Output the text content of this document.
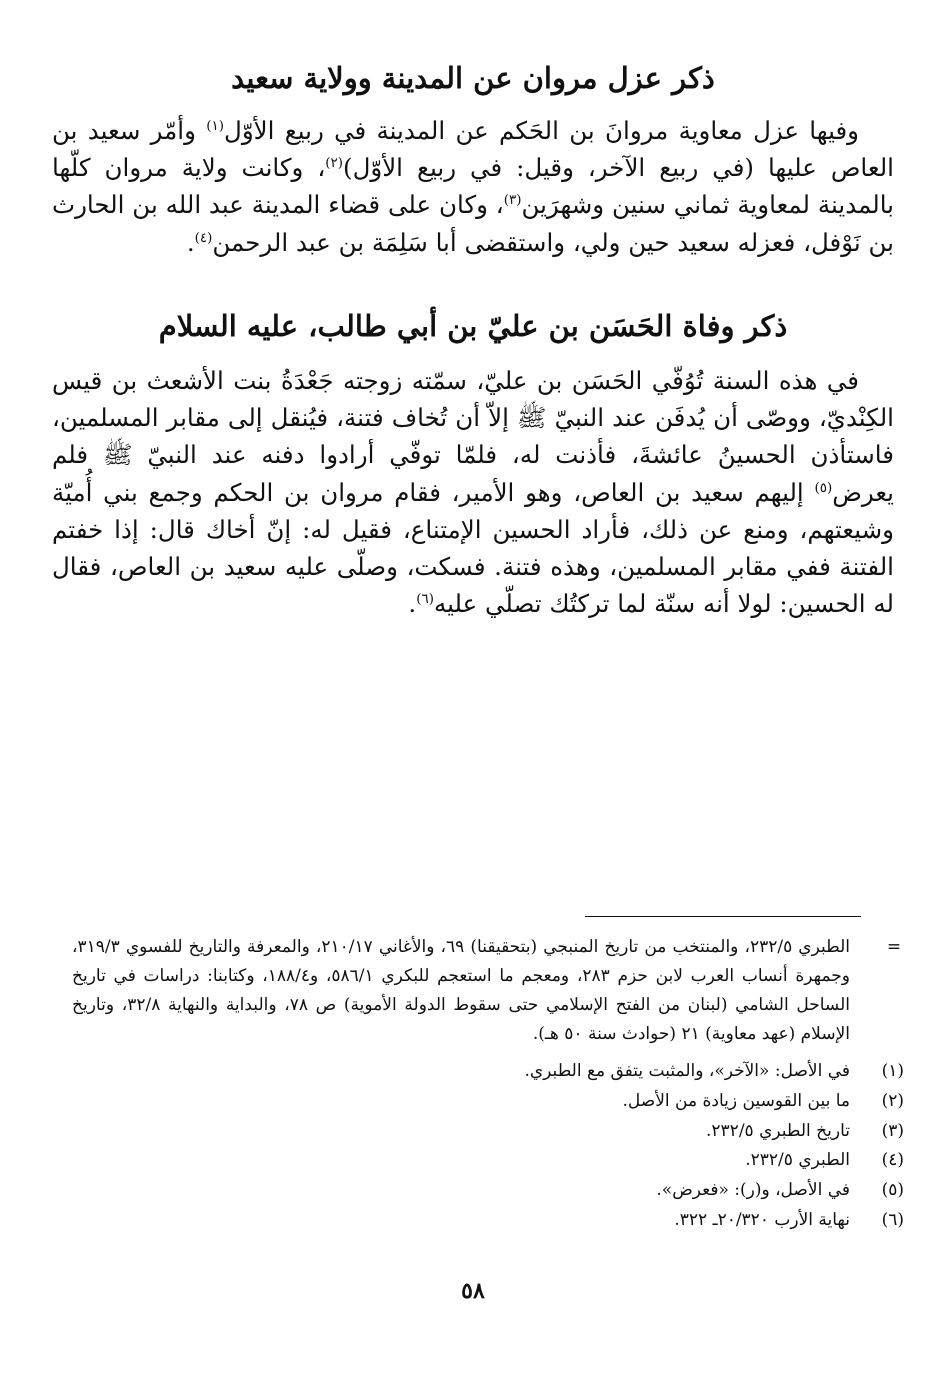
ذكر عزل مروان عن المدينة وولاية سعيد

وفيها عزل معاوية مروانَ بن الحَكم عن المدينة في ربيع الأوّل$^{(١)}$ وأمّر سعيد بن العاص عليها (في ربيع الآخر، وقيل: في ربيع الأوّل)$^{(٢)}$، وكانت ولاية مروان كلّها بالمدينة لمعاوية ثماني سنين وشهرَين$^{(٣)}$، وكان على قضاء المدينة عبد الله بن الحارث بن نَوْفل، فعزله سعيد حين ولي، واستقضى أبا سَلِمَة بن عبد الرحمن$^{(٤)}$.

ذكر وفاة الحَسَن بن عليّ بن أبي طالب، عليه السلام

في هذه السنة تُوُفّي الحَسَن بن عليّ، سمّته زوجته جَعْدَةُ بنت الأشعث بن قيس الكِنْديّ، ووصّى أن يُدفَن عند النبيّ ﷺ إلاّ أن تُخاف فتنة، فيُنقل إلى مقابر المسلمين، فاستأذن الحسينُ عائشةَ، فأذنت له، فلمّا توفّي أرادوا دفنه عند النبيّ ﷺ فلم يعرض$^{(٥)}$ إليهم سعيد بن العاص، وهو الأمير، فقام مروان بن الحكم وجمع بني أُميّة وشيعتهم، ومنع عن ذلك، فأراد الحسين الإمتناع، فقيل له: إنّ أخاك قال: إذا خفتم الفتنة ففي مقابر المسلمين، وهذه فتنة. فسكت، وصلّى عليه سعيد بن العاص، فقال له الحسين: لولا أنه سنّة لما تركتُك تصلّي عليه$^{(٦)}$.

=
الطبري ٢٣٢/٥، والمنتخب من تاريخ المنبجي (بتحقيقنا) ٦٩، والأغاني ٢١٠/١٧، والمعرفة والتاريخ للفسوي ٣١٩/٣، وجمهرة أنساب العرب لابن حزم ٢٨٣، ومعجم ما استعجم للبكري ٥٨٦/١، و١٨٨/٤، وكتابنا: دراسات في تاريخ الساحل الشامي (لبنان من الفتح الإسلامي حتى سقوط الدولة الأموية) ص ٧٨، والبداية والنهاية ٣٢/٨، وتاريخ الإسلام (عهد معاوية) ٢١ (حوادث سنة ٥٠ هـ).
(١)
في الأصل: «الآخر»، والمثبت يتفق مع الطبري.
(٢)
ما بين القوسين زيادة من الأصل.
(٣)
تاريخ الطبري ٢٣٢/٥.
(٤)
الطبري ٢٣٢/٥.
(٥)
في الأصل، و(ر): «فعرض».
(٦)
نهاية الأرب ٢٠/٣٢٠ـ ٣٢٢.

٥٨
